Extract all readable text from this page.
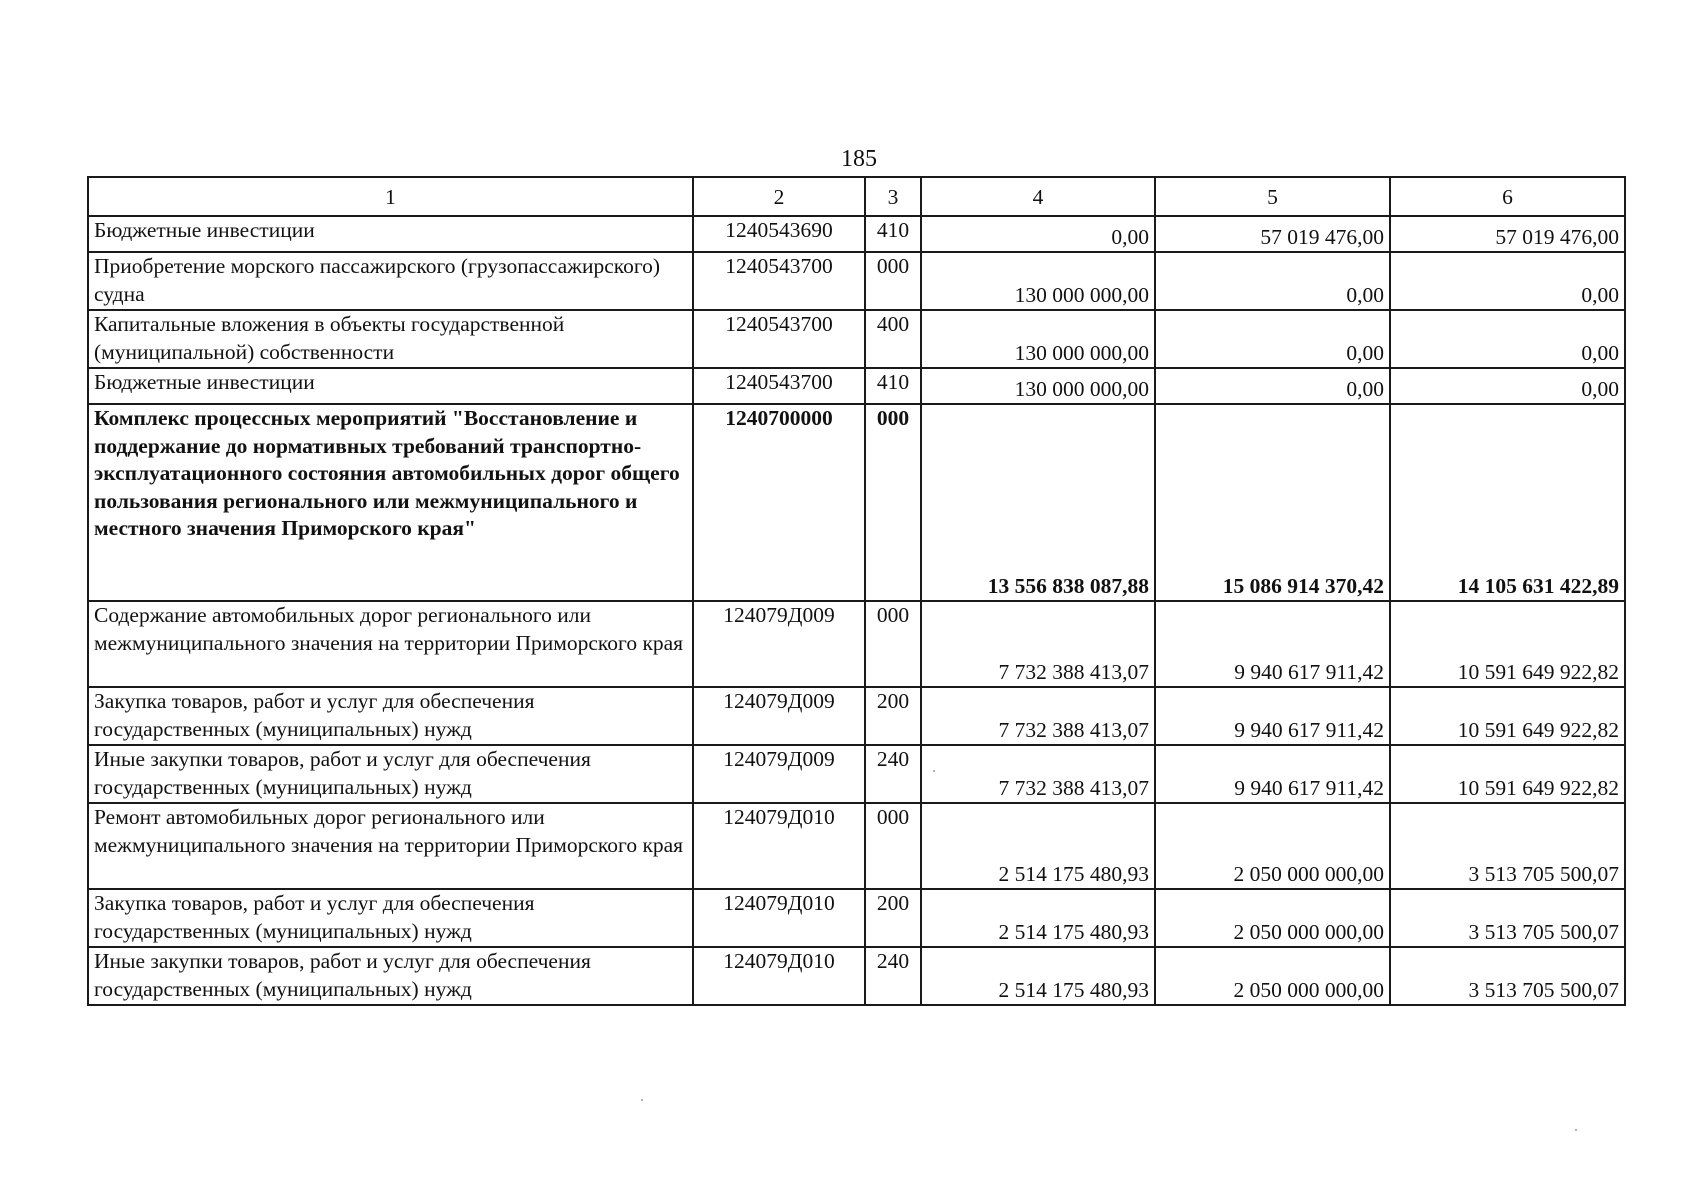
185
1	2	3	4	5	6
Бюджетные инвестиции	1240543690	410	0,00	57 019 476,00	57 019 476,00
Приобретение морского пассажирского (грузопассажирского) судна	1240543700	000	130 000 000,00	0,00	0,00
Капитальные вложения в объекты государственной (муниципальной) собственности	1240543700	400	130 000 000,00	0,00	0,00
Бюджетные инвестиции	1240543700	410	130 000 000,00	0,00	0,00
Комплекс процессных мероприятий "Восстановление и поддержание до нормативных требований транспортно-эксплуатационного состояния автомобильных дорог общего пользования регионального или межмуниципального и местного значения Приморского края"	1240700000	000	13 556 838 087,88	15 086 914 370,42	14 105 631 422,89
Содержание автомобильных дорог регионального или межмуниципального значения на территории Приморского края	124079Д009	000	7 732 388 413,07	9 940 617 911,42	10 591 649 922,82
Закупка товаров, работ и услуг для обеспечения государственных (муниципальных) нужд	124079Д009	200	7 732 388 413,07	9 940 617 911,42	10 591 649 922,82
Иные закупки товаров, работ и услуг для обеспечения государственных (муниципальных) нужд	124079Д009	240	7 732 388 413,07	9 940 617 911,42	10 591 649 922,82
Ремонт автомобильных дорог регионального или межмуниципального значения на территории Приморского края	124079Д010	000	2 514 175 480,93	2 050 000 000,00	3 513 705 500,07
Закупка товаров, работ и услуг для обеспечения государственных (муниципальных) нужд	124079Д010	200	2 514 175 480,93	2 050 000 000,00	3 513 705 500,07
Иные закупки товаров, работ и услуг для обеспечения государственных (муниципальных) нужд	124079Д010	240	2 514 175 480,93	2 050 000 000,00	3 513 705 500,07
